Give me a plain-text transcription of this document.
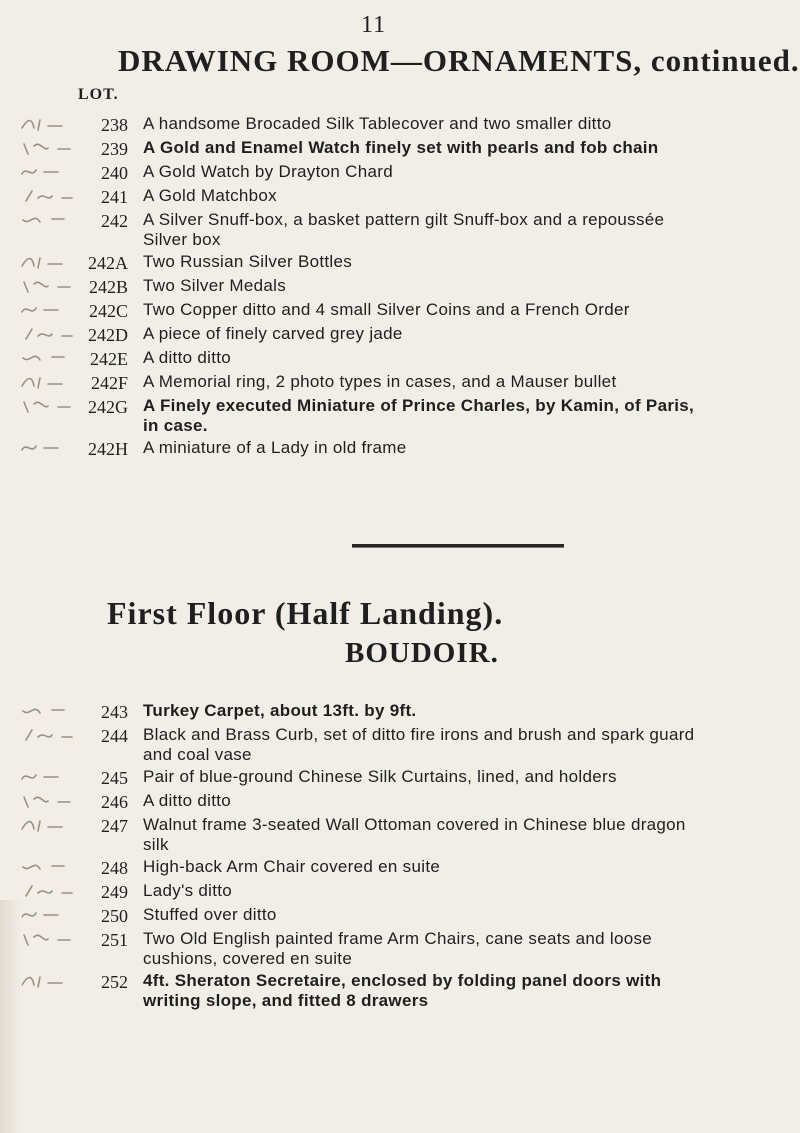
11
DRAWING ROOM—ORNAMENTS, continued.
LOT.
238 A handsome Brocaded Silk Tablecover and two smaller ditto
239 A Gold and Enamel Watch finely set with pearls and fob chain
240 A Gold Watch by Drayton Chard
241 A Gold Matchbox
242 A Silver Snuff-box, a basket pattern gilt Snuff-box and a repoussée Silver box
242A Two Russian Silver Bottles
242B Two Silver Medals
242C Two Copper ditto and 4 small Silver Coins and a French Order
242D A piece of finely carved grey jade
242E A ditto ditto
242F A Memorial ring, 2 photo types in cases, and a Mauser bullet
242G A Finely executed Miniature of Prince Charles, by Kamin, of Paris, in case.
242H A miniature of a Lady in old frame
First Floor (Half Landing).
BOUDOIR.
243 Turkey Carpet, about 13ft. by 9ft.
244 Black and Brass Curb, set of ditto fire irons and brush and spark guard and coal vase
245 Pair of blue-ground Chinese Silk Curtains, lined, and holders
246 A ditto ditto
247 Walnut frame 3-seated Wall Ottoman covered in Chinese blue dragon silk
248 High-back Arm Chair covered en suite
249 Lady's ditto
250 Stuffed over ditto
251 Two Old English painted frame Arm Chairs, cane seats and loose cushions, covered en suite
252 4ft. Sheraton Secretaire, enclosed by folding panel doors with writing slope, and fitted 8 drawers
